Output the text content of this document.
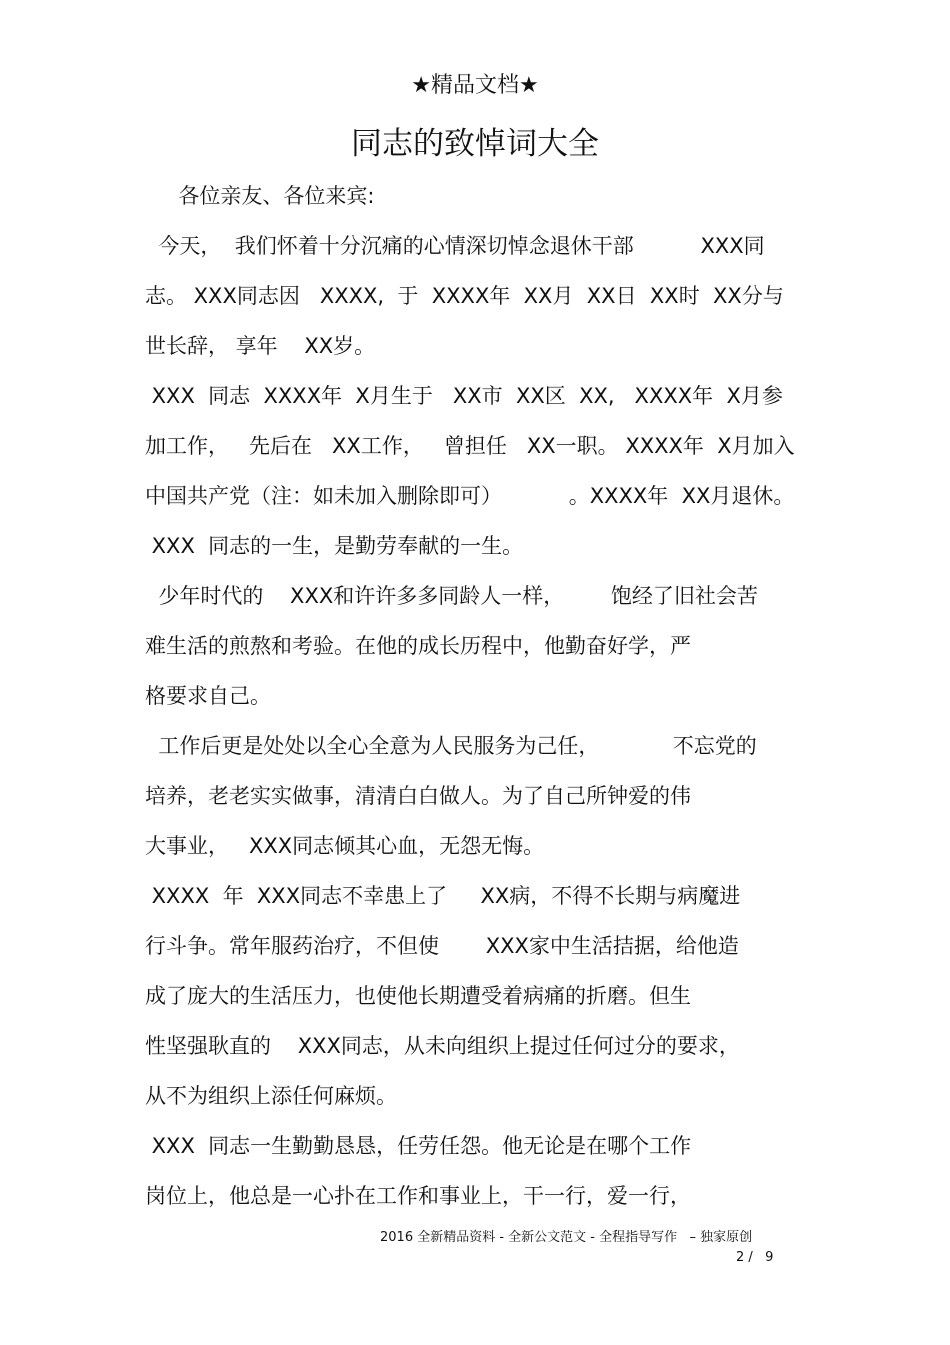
★精品文档★
同志的致悼词大全
各位亲友、各位来宾:
今天，  我们怀着十分沉痛的心情深切悼念退休干部          XXX同
志。 XXX同志因   XXXX,  于  XXXX年  XX月  XX日  XX时  XX分与
世长辞， 享年    XX岁。
XXX  同志  XXXX年  X月生于   XX市  XX区  XX,   XXXX年  X月参
加工作，   先后在   XX工作，   曾担任   XX一职。 XXXX年  X月加入
中国共产党（注：如未加入删除即可）          。XXXX年  XX月退休。
XXX  同志的一生，是勤劳奉献的一生。
少年时代的    XXX和许许多多同龄人一样，       饱经了旧社会苦
难生活的煎熬和考验。在他的成长历程中，他勤奋好学，严
格要求自己。
工作后更是处处以全心全意为人民服务为己任，           不忘党的
培养，老老实实做事，清清白白做人。为了自己所钟爱的伟
大事业，   XXX同志倾其心血，无怨无悔。
XXXX  年  XXX同志不幸患上了     XX病，不得不长期与病魔进
行斗争。常年服药治疗，不但使       XXX家中生活拮据，给他造
成了庞大的生活压力，也使他长期遭受着病痛的折磨。但生
性坚强耿直的    XXX同志，从未向组织上提过任何过分的要求，
从不为组织上添任何麻烦。
XXX  同志一生勤勤恳恳，任劳任怨。他无论是在哪个工作
岗位上，他总是一心扑在工作和事业上，干一行，爱一行，
2016 全新精品资料 - 全新公文范文 - 全程指导写作   – 独家原创
2 /   9
